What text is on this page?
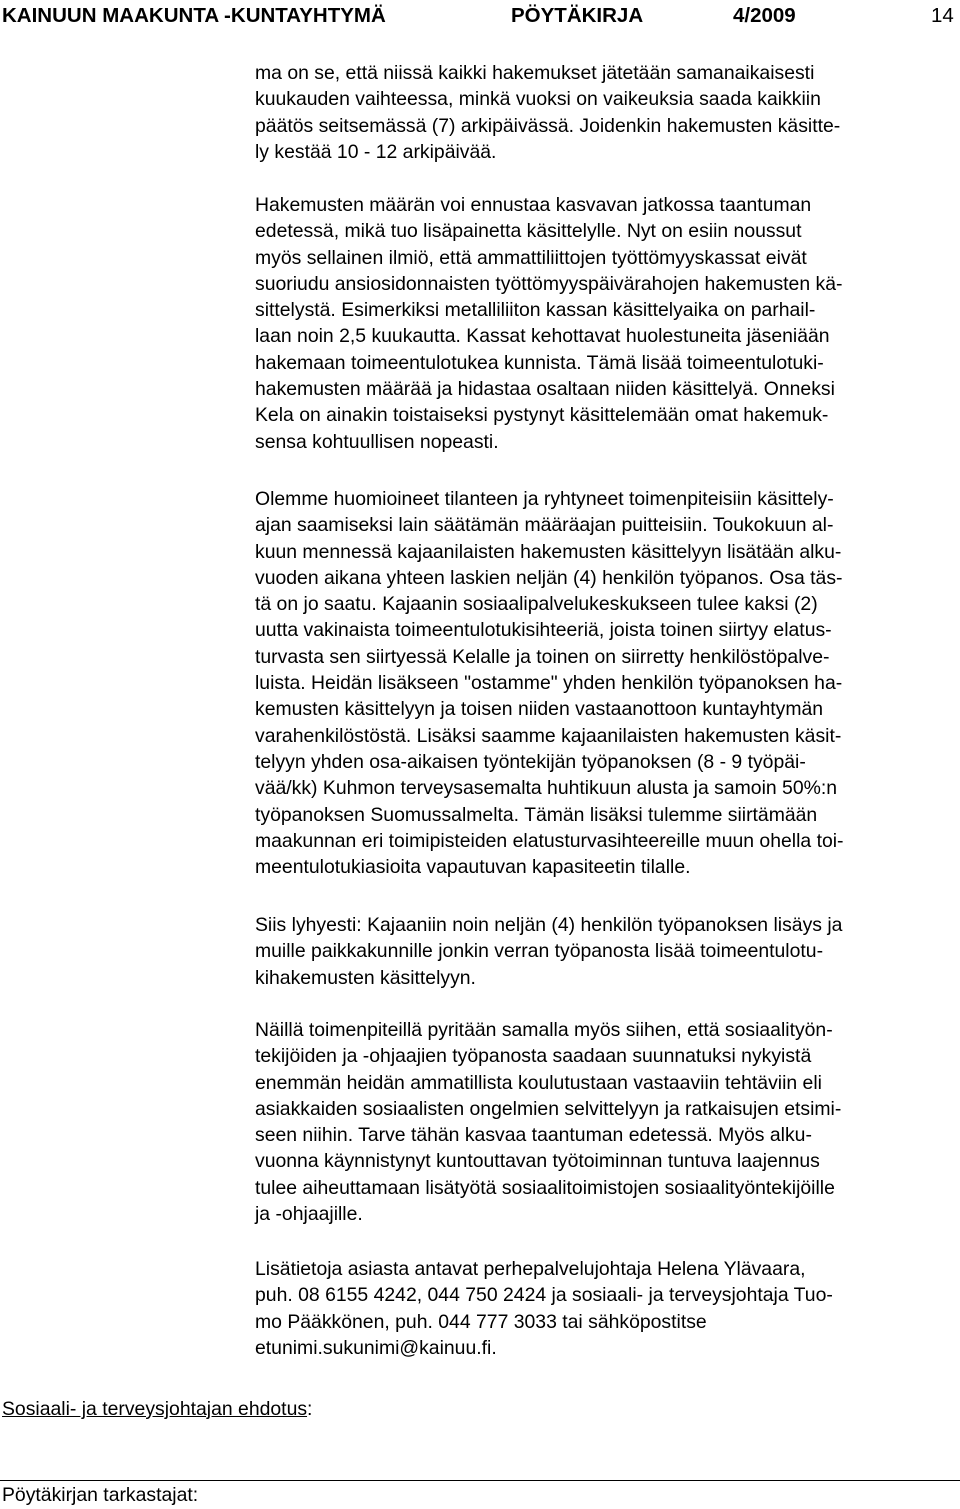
KAINUUN MAAKUNTA -KUNTAYHTYMÄ	PÖYTÄKIRJA	4/2009	14
ma on se, että niissä kaikki hakemukset jätetään samanaikaisesti
kuukauden vaihteessa, minkä vuoksi on vaikeuksia saada kaikkiin
päätös seitsemässä (7) arkipäivässä. Joidenkin hakemusten käsitte-
ly kestää 10 - 12 arkipäivää.
Hakemusten määrän voi ennustaa kasvavan jatkossa taantuman
edetessä, mikä tuo lisäpainetta käsittelylle. Nyt on esiin noussut
myös sellainen ilmiö, että ammattiliittojen työttömyyskassat eivät
suoriudu ansiosidonnaisten työttömyyspäivärahojen hakemusten kä-
sittelystä. Esimerkiksi metalliliiton kassan käsittelyaika on parhail-
laan noin 2,5 kuukautta. Kassat kehottavat huolestuneita jäseniään
hakemaan toimeentulotukea kunnista. Tämä lisää toimeentulotuki-
hakemusten määrää ja hidastaa osaltaan niiden käsittelyä. Onneksi
Kela on ainakin toistaiseksi pystynyt käsittelemään omat hakemuk-
sensa kohtuullisen nopeasti.
Olemme huomioineet tilanteen ja ryhtyneet toimenpiteisiin käsittely-
ajan saamiseksi lain säätämän määräajan puitteisiin. Toukokuun al-
kuun mennessä kajaanilaisten hakemusten käsittelyyn lisätään alku-
vuoden aikana yhteen laskien neljän (4) henkilön työpanos. Osa täs-
tä on jo saatu. Kajaanin sosiaalipalvelukeskukseen tulee kaksi (2)
uutta vakinaista toimeentulotukisihteeriä, joista toinen siirtyy elatus-
turvasta sen siirtyessä Kelalle ja toinen on siirretty henkilöstöpalve-
luista. Heidän lisäkseen "ostamme" yhden henkilön työpanoksen ha-
kemusten käsittelyyn ja toisen niiden vastaanottoon kuntayhtymän
varahenkilöstöstä. Lisäksi saamme kajaanilaisten hakemusten käsit-
telyyn yhden osa-aikaisen työntekijän työpanoksen (8 - 9 työpäi-
vää/kk) Kuhmon terveysasemalta huhtikuun alusta ja samoin 50%:n
työpanoksen Suomussalmelta. Tämän lisäksi tulemme siirtämään
maakunnan eri toimipisteiden elatusturvasihteereille muun ohella toi-
meentulotukiasioita vapautuvan kapasiteetin tilalle.
Siis lyhyesti: Kajaaniin noin neljän (4) henkilön työpanoksen lisäys ja
muille paikkakunnille jonkin verran työpanosta lisää toimeentulotu-
kihakemusten käsittelyyn.
Näillä toimenpiteillä pyritään samalla myös siihen, että sosiaalityön-
tekijöiden ja -ohjaajien työpanosta saadaan suunnatuksi nykyistä
enemmän heidän ammatillista koulutustaan vastaaviin tehtäviin eli
asiakkaiden sosiaalisten ongelmien selvittelyyn ja ratkaisujen etsimi-
seen niihin. Tarve tähän kasvaa taantuman edetessä. Myös alku-
vuonna käynnistynyt kuntouttavan työtoiminnan tuntuva laajennus
tulee aiheuttamaan lisätyötä sosiaalitoimistojen sosiaalityöntekijöille
ja -ohjaajille.
Lisätietoja asiasta antavat perhepalvelujohtaja Helena Ylävaara,
puh. 08 6155 4242, 044 750 2424 ja sosiaali- ja terveysjohtaja Tuo-
mo Pääkkönen, puh. 044 777 3033 tai sähköpostitse
etunimi.sukunimi@kainuu.fi.
Sosiaali- ja terveysjohtajan ehdotus:
Pöytäkirjan tarkastajat:
